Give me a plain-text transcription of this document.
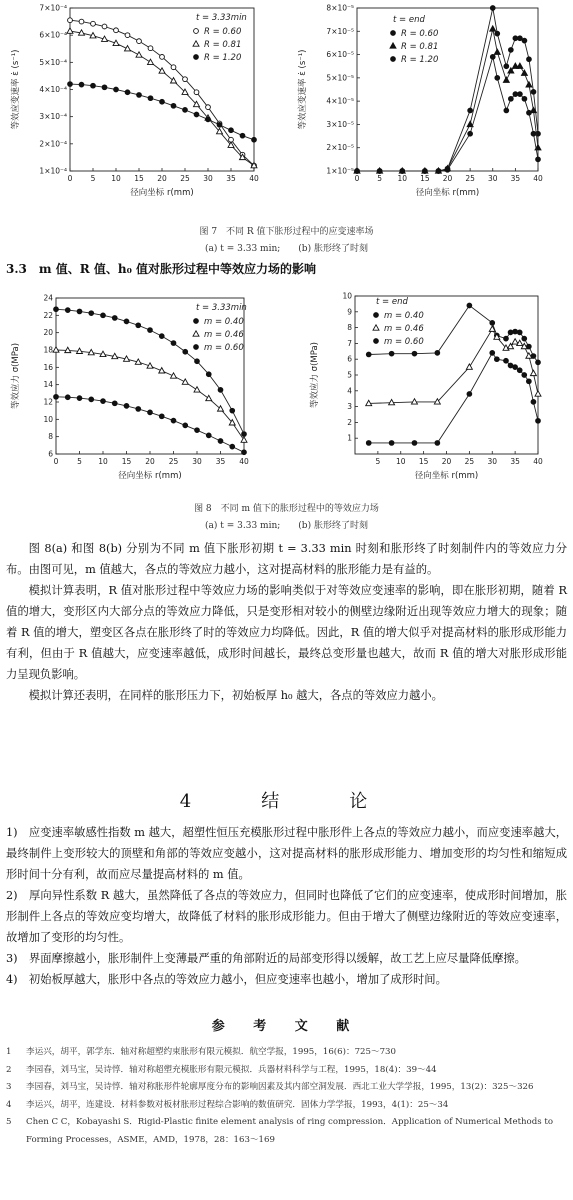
1×10⁻⁴
2×10⁻⁴
3×10⁻⁴
4×10⁻⁴
5×10⁻⁴
6×10⁻⁴
7×10⁻⁴
0 5 10 15 20 25 30 35 40
径向坐标 r(mm)
等效应变速率 ε̇ (s⁻¹)
R = 0.60
R = 0.81
R = 1.20
t = 3.33min
1×10⁻⁵
2×10⁻⁵
3×10⁻⁵
4×10⁻⁵
5×10⁻⁵
6×10⁻⁵
7×10⁻⁵
8×10⁻⁵
0 5 10 15 20 25 30 35 40
径向坐标 r(mm)
等效应变速率 ε̇ (s⁻¹)
R = 0.60
R = 0.81
R = 1.20
t = end
图 7　不同 R 值下胀形过程中的应变速率场
(a) t = 3.33 min;　　(b) 胀形终了时刻
3.3　m 值、R 值、h₀ 值对胀形过程中等效应力场的影响
6
8
10
12
14
16
18
20
22
24
0 5 10 15 20 25 30 35 40
径向坐标 r(mm)
等效应力 σ(MPa)
m = 0.40
m = 0.46
m = 0.60
t = 3.33min
1
2
3
4
5
6
7
8
9
10
5 10 15 20 25 30 35 40
径向坐标 r(mm)
等效应力 σ(MPa)
m = 0.40
m = 0.46
m = 0.60
t = end
图 8　不同 m 值下的胀形过程中的等效应力场
(a) t = 3.33 min;　　(b) 胀形终了时刻

图 8(a) 和图 8(b) 分别为不同 m 值下胀形初期 t = 3.33 min 时刻和胀形终了时刻制件内的等效应力分布。由图可见，m 值越大，各点的等效应力越小，这对提高材料的胀形能力是有益的。

模拟计算表明，R 值对胀形过程中等效应力场的影响类似于对等效应变速率的影响，即在胀形初期，随着 R 值的增大，变形区内大部分点的等效应力降低，只是变形相对较小的侧壁边缘附近出现等效应力增大的现象；随着 R 值的增大，塑变区各点在胀形终了时的等效应力均降低。因此，R 值的增大似乎对提高材料的胀形成形能力有利，但由于 R 值越大，应变速率越低，成形时间越长，最终总变形量也越大，故而 R 值的增大对胀形成形能力呈现负影响。

模拟计算还表明，在同样的胀形压力下，初始板厚 h₀ 越大，各点的等效应力越小。

4　结　论

1)　应变速率敏感性指数 m 越大，超塑性恒压充模胀形过程中胀形件上各点的等效应力越小，而应变速率越大，最终制件上变形较大的顶壁和角部的等效应变越小，这对提高材料的胀形成形能力、增加变形的均匀性和缩短成形时间十分有利，故而应尽量提高材料的 m 值。

2)　厚向异性系数 R 越大，虽然降低了各点的等效应力，但同时也降低了它们的应变速率，使成形时间增加，胀形制件上各点的等效应变均增大，故降低了材料的胀形成形能力。但由于增大了侧壁边缘附近的等效应变速率，故增加了变形的均匀性。

3)　界面摩擦越小，胀形制件上变薄最严重的角部附近的局部变形得以缓解，故工艺上应尽量降低摩擦。

4)　初始板厚越大，胀形中各点的等效应力越小，但应变速率也越小，增加了成形时间。

参 考 文 献
1	李运兴，胡平，郭学东．轴对称超塑约束胀形有限元模拟．航空学报，1995，16(6)：725～730
2	李园春，刘马宝，吴诗惇．轴对称超塑充模胀形有限元模拟．兵器材料科学与工程，1995，18(4)：39～44
3	李园春，刘马宝，吴诗惇．轴对称胀形件轮廓厚度分布的影响因素及其内部空洞发展．西北工业大学学报，1995，13(2)：325～326
4	李运兴，胡平，连建设．材料参数对板材胀形过程综合影响的数值研究．固体力学学报，1993，4(1)：25～34
5	Chen C C，Kobayashi S．Rigid-Plastic finite element analysis of ring compression．Application of Numerical Methods to Forming Processes，ASME，AMD，1978，28：163～169
